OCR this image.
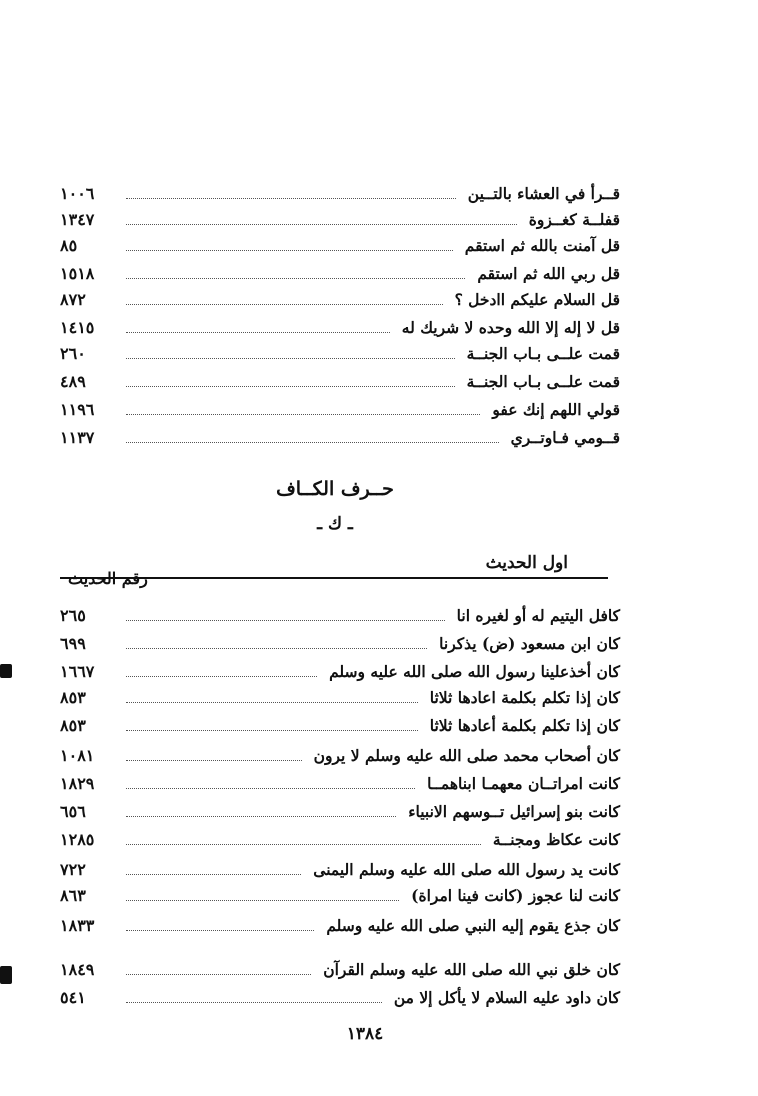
قــرأ في العشاء بالتــين
١٠٠٦
قفلــة كغــزوة
١٣٤٧
قل آمنت بالله ثم استقم
٨٥
قل ربي الله ثم استقم
١٥١٨
قل السلام عليكم اادخل ؟
٨٧٢
قل لا إله إلا الله وحده لا شريك له
١٤١٥
قمت علــى بـاب الجنــة
٢٦٠
قمت علــى بـاب الجنــة
٤٨٩
قولي اللهم إنك عفو
١١٩٦
قــومي فـاوتــري
١١٣٧
حــرف الكــاف
ـ ك ـ
اول الحديث
رقم الحديث
كافل اليتيم له أو لغيره انا
٢٦٥
كان ابن مسعود (ض) يذكرنا
٦٩٩
كان أخذعلينا رسول الله صلى الله عليه وسلم
١٦٦٧
كان إذا تكلم بكلمة اعادها ثلاثا
٨٥٣
كان إذا تكلم بكلمة أعادها ثلاثا
٨٥٣
كان أصحاب محمد صلى الله عليه وسلم لا يرون
١٠٨١
كانت امراتــان معهمـا ابناهمــا
١٨٢٩
كانت بنو إسرائيل تــوسهم الانبياء
٦٥٦
كانت عكاظ ومجنــة
١٢٨٥
كانت يد رسول الله صلى الله عليه وسلم اليمنى
٧٢٢
كانت لنا عجوز (كانت فينا امراة)
٨٦٣
كان جذع يقوم إليه النبي صلى الله عليه وسلم
١٨٣٣
كان خلق نبي الله صلى الله عليه وسلم القرآن
١٨٤٩
كان داود عليه السلام لا يأكل إلا من
٥٤١
١٣٨٤
